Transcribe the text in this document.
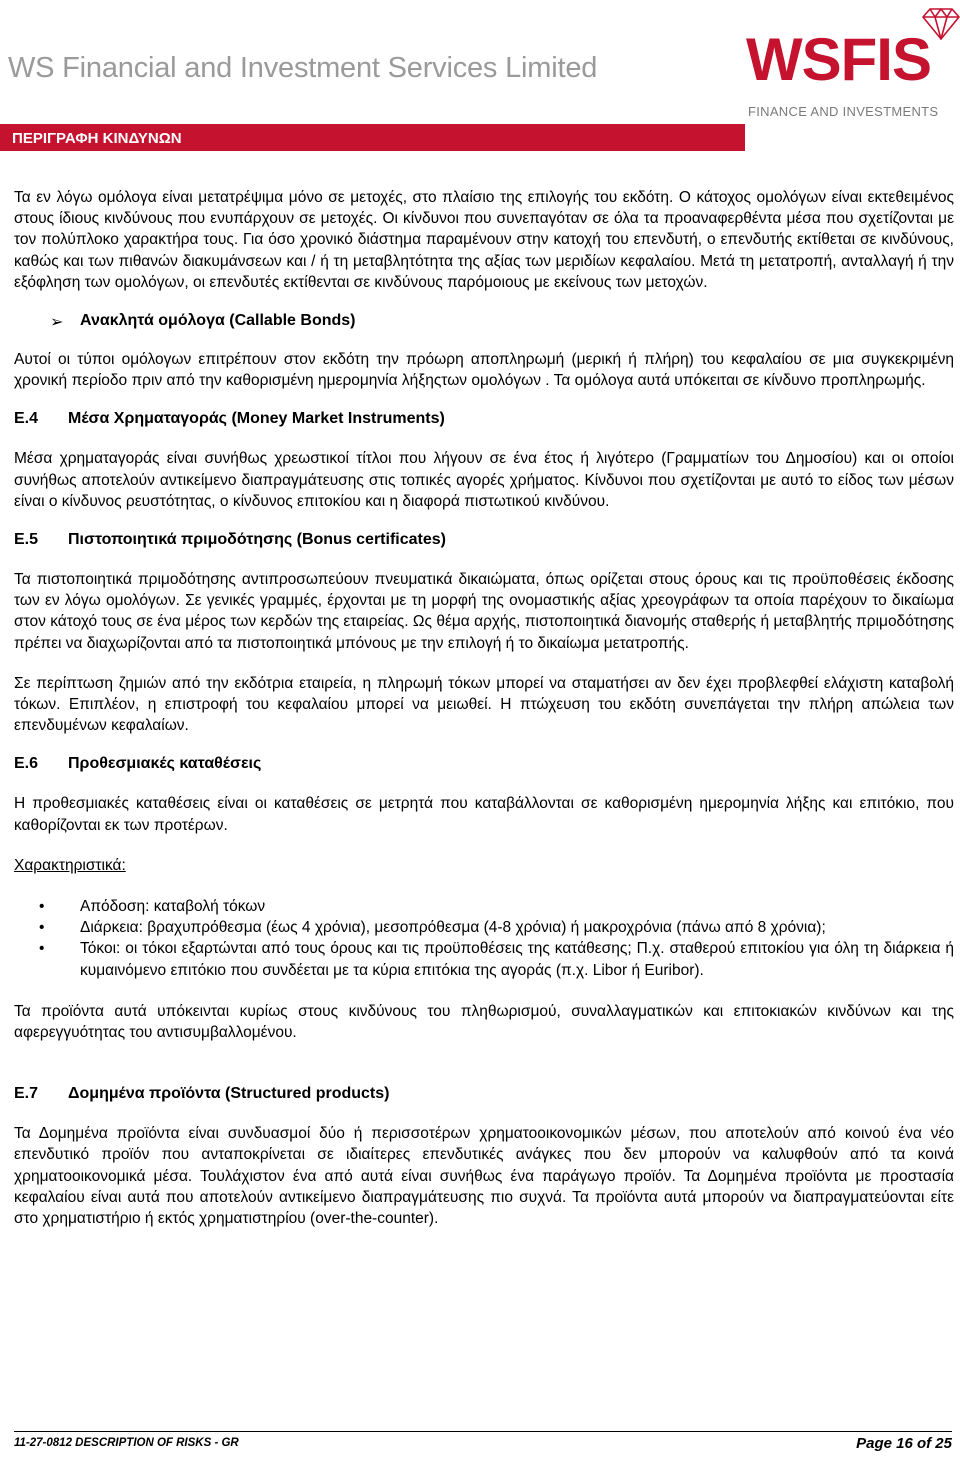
WS Financial and Investment Services Limited WSFIS
FINANCE AND INVESTMENTS
ΠΕΡΙΓΡΑΦΗ ΚΙΝΔΥΝΩΝ

Τα εν λόγω ομόλογα είναι μετατρέψιμα μόνο σε μετοχές, στο πλαίσιο της επιλογής του εκδότη. Ο κάτοχος ομολόγων είναι εκτεθειμένος στους ίδιους κινδύνους που ενυπάρχουν σε μετοχές. Οι κίνδυνοι που συνεπαγόταν σε όλα τα προαναφερθέντα μέσα που σχετίζονται με τον πολύπλοκο χαρακτήρα τους. Για όσο χρονικό διάστημα παραμένουν στην κατοχή του επενδυτή, ο επενδυτής εκτίθεται σε κινδύνους, καθώς και των πιθανών διακυμάνσεων και / ή τη μεταβλητότητα της αξίας των μεριδίων κεφαλαίου. Μετά τη μετατροπή, ανταλλαγή ή την εξόφληση των ομολόγων, οι επενδυτές εκτίθενται σε κινδύνους παρόμοιους με εκείνους των μετοχών.

➢ Ανακλητά ομόλογα (Callable Bonds)

Αυτοί οι τύποι ομόλογων επιτρέπουν στον εκδότη την πρόωρη αποπληρωμή (μερική ή πλήρη) του κεφαλαίου σε μια συγκεκριμένη χρονική περίοδο πριν από την καθορισμένη ημερομηνία λήξηςτων ομολόγων . Τα ομόλογα αυτά υπόκειται σε κίνδυνο προπληρωμής.

E.4	Μέσα Χρηματαγοράς (Money Market Instruments)

Μέσα χρηματαγοράς είναι συνήθως χρεωστικοί τίτλοι που λήγουν σε ένα έτος ή λιγότερο (Γραμματίων του Δημοσίου) και οι οποίοι συνήθως αποτελούν αντικείμενο διαπραγμάτευσης στις τοπικές αγορές χρήματος. Κίνδυνοι που σχετίζονται με αυτό το είδος των μέσων είναι ο κίνδυνος ρευστότητας, ο κίνδυνος επιτοκίου και η διαφορά πιστωτικού κινδύνου.

E.5	Πιστοποιητικά πριμοδότησης (Bonus certificates)

Τα πιστοποιητικά πριμοδότησης αντιπροσωπεύουν πνευματικά δικαιώματα, όπως ορίζεται στους όρους και τις προϋποθέσεις έκδοσης των εν λόγω ομολόγων. Σε γενικές γραμμές, έρχονται με τη μορφή της ονομαστικής αξίας χρεογράφων τα οποία παρέχουν το δικαίωμα στον κάτοχό τους σε ένα μέρος των κερδών της εταιρείας. Ως θέμα αρχής, πιστοποιητικά διανομής σταθερής ή μεταβλητής πριμοδότησης πρέπει να διαχωρίζονται από τα πιστοποιητικά μπόνους με την επιλογή ή το δικαίωμα μετατροπής.

Σε περίπτωση ζημιών από την εκδότρια εταιρεία, η πληρωμή τόκων μπορεί να σταματήσει αν δεν έχει προβλεφθεί ελάχιστη καταβολή τόκων. Επιπλέον, η επιστροφή του κεφαλαίου μπορεί να μειωθεί. Η πτώχευση του εκδότη συνεπάγεται την πλήρη απώλεια των επενδυμένων κεφαλαίων.

E.6	Προθεσμιακές καταθέσεις

Η προθεσμιακές καταθέσεις είναι οι καταθέσεις σε μετρητά που καταβάλλονται σε καθορισμένη ημερομηνία λήξης και επιτόκιο, που καθορίζονται εκ των προτέρων.

Χαρακτηριστικά:

• Απόδοση: καταβολή τόκων
• Διάρκεια: βραχυπρόθεσμα (έως 4 χρόνια), μεσοπρόθεσμα (4-8 χρόνια) ή μακροχρόνια (πάνω από 8 χρόνια);
• Τόκοι: οι τόκοι εξαρτώνται από τους όρους και τις προϋποθέσεις της κατάθεσης; Π.χ. σταθερού επιτοκίου για όλη τη διάρκεια ή κυμαινόμενο επιτόκιο που συνδέεται με τα κύρια επιτόκια της αγοράς (π.χ. Libor ή Euribor).

Τα προϊόντα αυτά υπόκεινται κυρίως στους κινδύνους του πληθωρισμού, συναλλαγματικών και επιτοκιακών κινδύνων και της αφερεγγυότητας του αντισυμβαλλομένου.

E.7	Δομημένα προϊόντα (Structured products)

Τα Δομημένα προϊόντα είναι συνδυασμοί δύο ή περισσοτέρων χρηματοοικονομικών μέσων, που αποτελούν από κοινού ένα νέο επενδυτικό προϊόν που ανταποκρίνεται σε ιδιαίτερες επενδυτικές ανάγκες που δεν μπορούν να καλυφθούν από τα κοινά χρηματοοικονομικά μέσα. Τουλάχιστον ένα από αυτά είναι συνήθως ένα παράγωγο προϊόν. Τα Δομημένα προϊόντα με προστασία κεφαλαίου είναι αυτά που αποτελούν αντικείμενο διαπραγμάτευσης πιο συχνά. Τα προϊόντα αυτά μπορούν να διαπραγματεύονται είτε στο χρηματιστήριο ή εκτός χρηματιστηρίου (over-the-counter).

11-27-0812 DESCRIPTION OF RISKS - GR	Page 16 of 25
